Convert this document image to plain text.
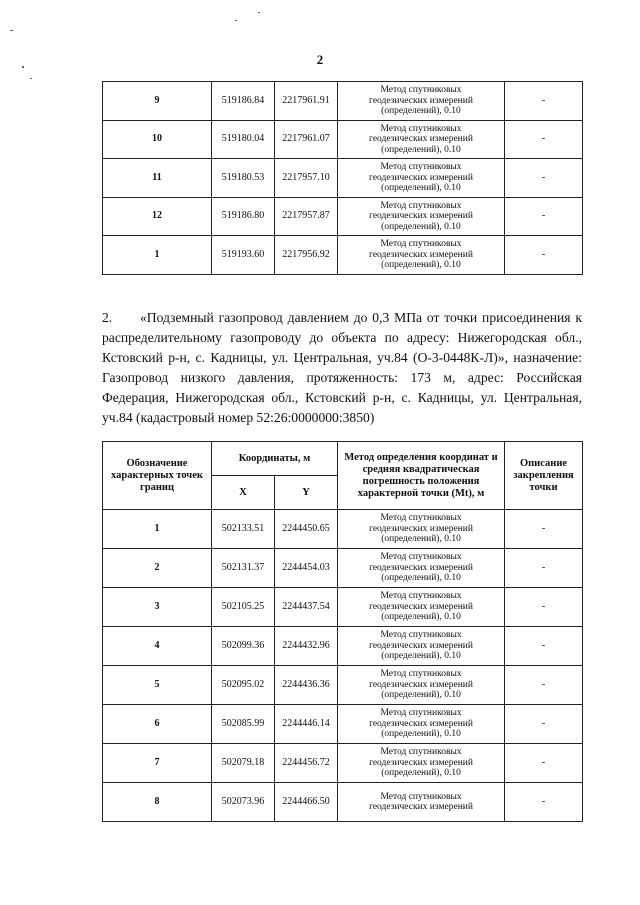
2
9	519186.84	2217961.91	Метод спутниковых
геодезических измерений
(определений), 0.10	-
10	519180.04	2217961.07	Метод спутниковых
геодезических измерений
(определений), 0.10	-
11	519180.53	2217957.10	Метод спутниковых
геодезических измерений
(определений), 0.10	-
12	519186.80	2217957.87	Метод спутниковых
геодезических измерений
(определений), 0.10	-
1	519193.60	2217956.92	Метод спутниковых
геодезических измерений
(определений), 0.10	-
2. «Подземный газопровод давлением до 0,3 МПа от точки присоединения к распределительному газопроводу до объекта по адресу: Нижегородская обл., Кстовский р-н, с. Кадницы, ул. Центральная, уч.84 (О-3-0448К-Л)», назначение: Газопровод низкого давления, протяженность: 173 м, адрес: Российская Федерация, Нижегородская обл., Кстовский р-н, с. Кадницы, ул. Центральная, уч.84 (кадастровый номер 52:26:0000000:3850)
Обозначение характерных точек границ	Координаты, м		Метод определения координат и средняя квадратическая погрешность положения характерной точки (Mt), м	Описание закрепления точки
	X	Y		
1	502133.51	2244450.65	Метод спутниковых
геодезических измерений
(определений), 0.10	-
2	502131.37	2244454.03	Метод спутниковых
геодезических измерений
(определений), 0.10	-
3	502105.25	2244437.54	Метод спутниковых
геодезических измерений
(определений), 0.10	-
4	502099.36	2244432.96	Метод спутниковых
геодезических измерений
(определений), 0.10	-
5	502095.02	2244436.36	Метод спутниковых
геодезических измерений
(определений), 0.10	-
6	502085.99	2244446.14	Метод спутниковых
геодезических измерений
(определений), 0.10	-
7	502079.18	2244456.72	Метод спутниковых
геодезических измерений
(определений), 0.10	-
8	502073.96	2244466.50	Метод спутниковых
геодезических измерений	-
